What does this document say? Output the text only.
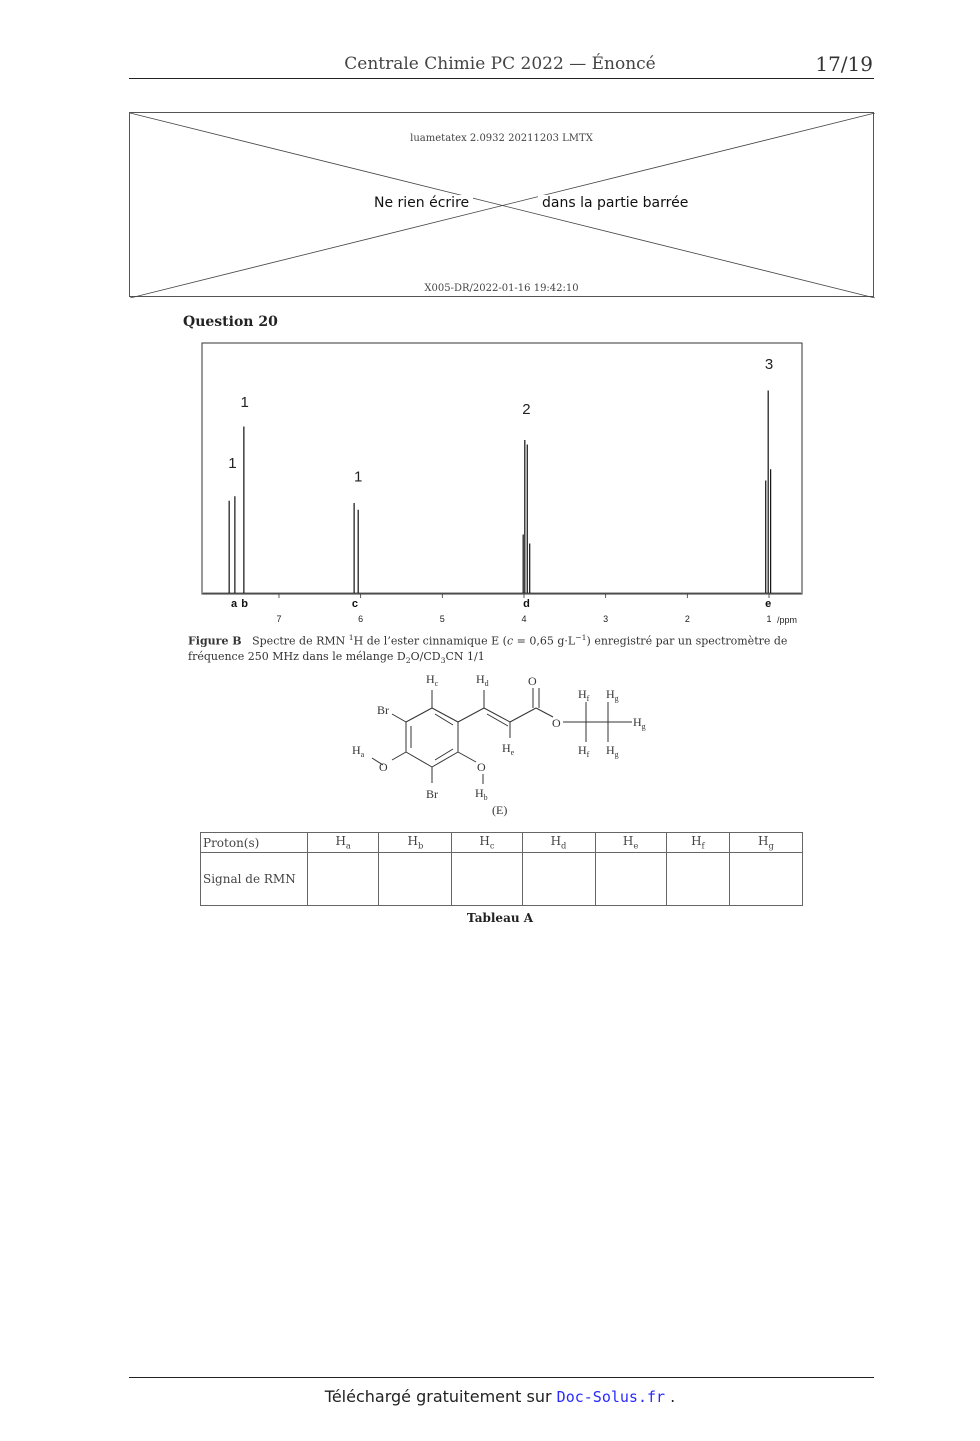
Centrale Chimie PC 2022 — Énoncé	17/19
luametatex 2.0932 20211203 LMTX
Ne rien écrire	dans la partie barrée
X005-DR/2022-01-16 19:42:10
Question 20
7	6	5	4	3	2	1
a b	c	d	e
1
1
1
2
3
/ppm
Figure B Spectre de RMN $^1$H de l’ester cinnamique E (c = 0,65 $g\cdot L^{-1}$) enregistré par un spectromètre de fréquence 250 MHz dans le mélange $D_2O/CD_3CN$ 1/1
$H_c$	$H_d$	O
Br
$H_f$ $H_g$
O	$H_g$
$H_e$	$H_f$ $H_g$
$H_a$
O	O
Br	$H_b$
(E)
Proton(s)	$H_a$	$H_b$	$H_c$	$H_d$	$H_e$	$H_f$	$H_g$
Signal de RMN							
Tableau A
Téléchargé gratuitement sur Doc-Solus.fr .
